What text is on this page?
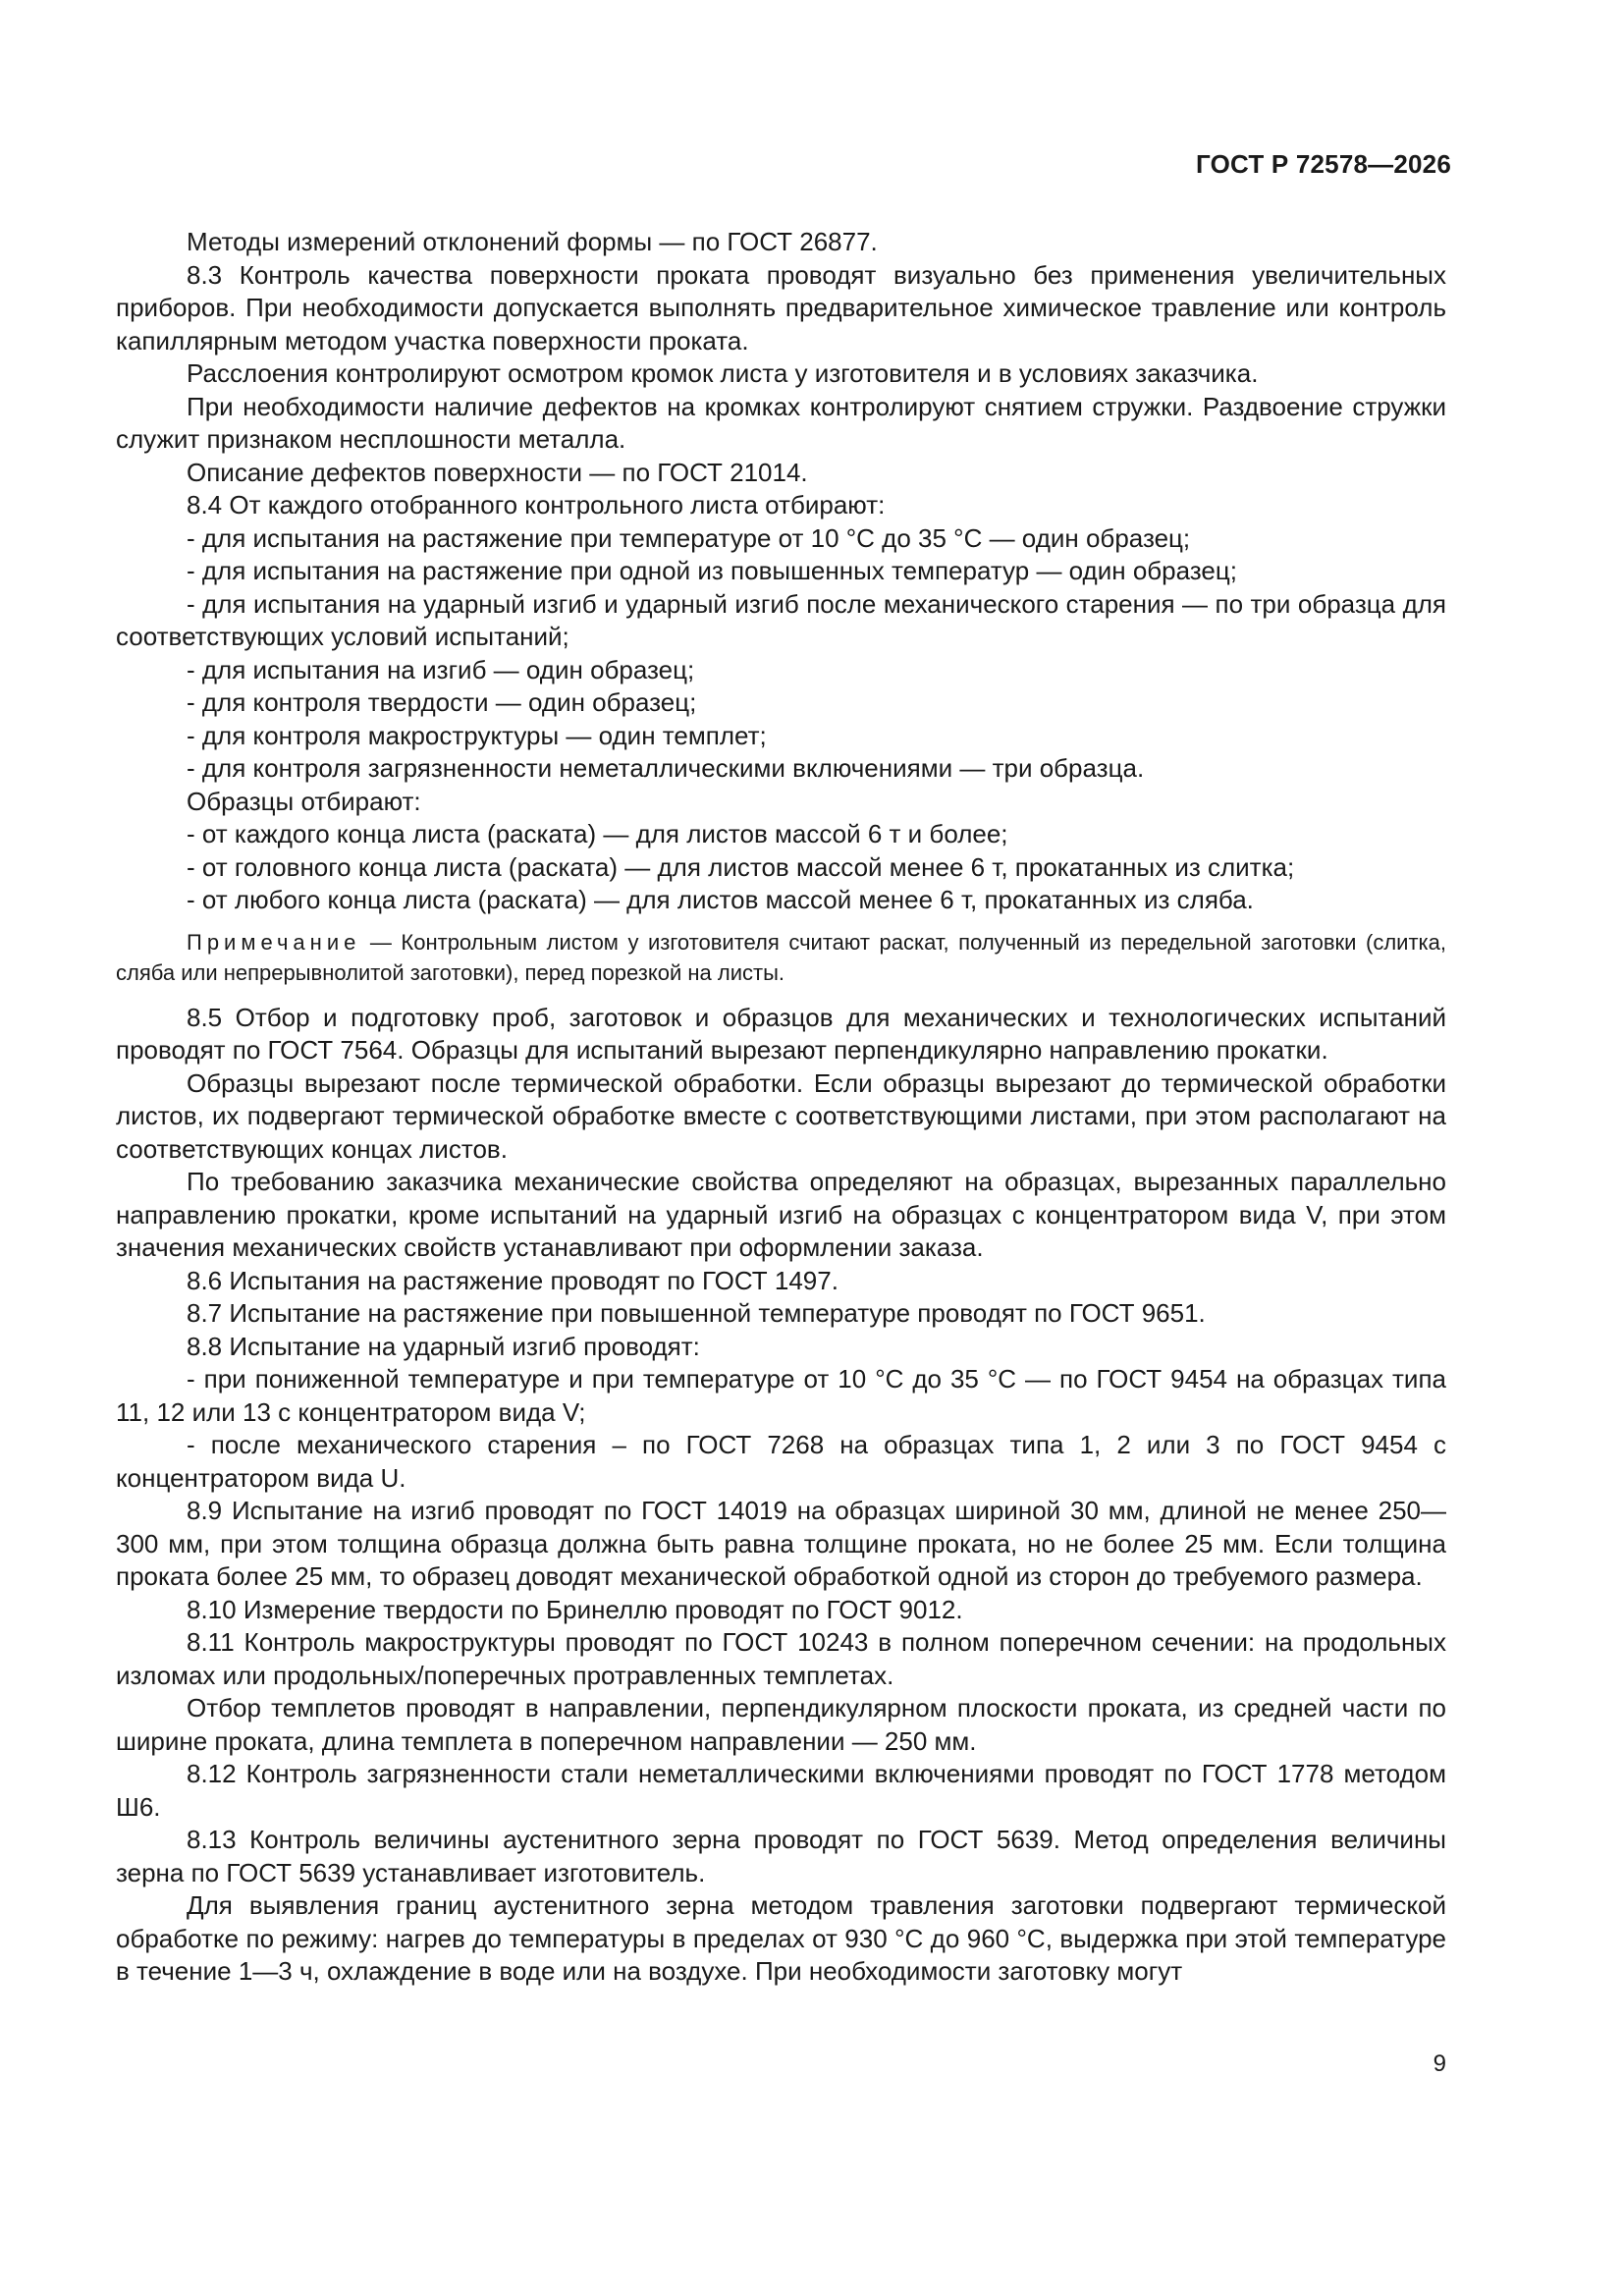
ГОСТ Р 72578—2026

Методы измерений отклонений формы — по ГОСТ 26877.

8.3 Контроль качества поверхности проката проводят визуально без применения увеличительных приборов. При необходимости допускается выполнять предварительное химическое травление или контроль капиллярным методом участка поверхности проката.

Расслоения контролируют осмотром кромок листа у изготовителя и в условиях заказчика.

При необходимости наличие дефектов на кромках контролируют снятием стружки. Раздвоение стружки служит признаком несплошности металла.

Описание дефектов поверхности — по ГОСТ 21014.

8.4 От каждого отобранного контрольного листа отбирают:

- для испытания на растяжение при температуре от 10 °С до 35 °С — один образец;

- для испытания на растяжение при одной из повышенных температур — один образец;

- для испытания на ударный изгиб и ударный изгиб после механического старения — по три образца для соответствующих условий испытаний;

- для испытания на изгиб — один образец;

- для контроля твердости — один образец;

- для контроля макроструктуры — один темплет;

- для контроля загрязненности неметаллическими включениями — три образца.

Образцы отбирают:

- от каждого конца листа (раската) — для листов массой 6 т и более;

- от головного конца листа (раската) — для листов массой менее 6 т, прокатанных из слитка;

- от любого конца листа (раската) — для листов массой менее 6 т, прокатанных из сляба.

Примечание — Контрольным листом у изготовителя считают раскат, полученный из передельной заготовки (слитка, сляба или непрерывнолитой заготовки), перед порезкой на листы.

8.5 Отбор и подготовку проб, заготовок и образцов для механических и технологических испытаний проводят по ГОСТ 7564. Образцы для испытаний вырезают перпендикулярно направлению прокатки.

Образцы вырезают после термической обработки. Если образцы вырезают до термической обработки листов, их подвергают термической обработке вместе с соответствующими листами, при этом располагают на соответствующих концах листов.

По требованию заказчика механические свойства определяют на образцах, вырезанных параллельно направлению прокатки, кроме испытаний на ударный изгиб на образцах с концентратором вида V, при этом значения механических свойств устанавливают при оформлении заказа.

8.6 Испытания на растяжение проводят по ГОСТ 1497.

8.7 Испытание на растяжение при повышенной температуре проводят по ГОСТ 9651.

8.8 Испытание на ударный изгиб проводят:

- при пониженной температуре и при температуре от 10 °С до 35 °С — по ГОСТ 9454 на образцах типа 11, 12 или 13 с концентратором вида V;

- после механического старения – по ГОСТ 7268 на образцах типа 1, 2 или 3 по ГОСТ 9454 с концентратором вида U.

8.9 Испытание на изгиб проводят по ГОСТ 14019 на образцах шириной 30 мм, длиной не менее 250—300 мм, при этом толщина образца должна быть равна толщине проката, но не более 25 мм. Если толщина проката более 25 мм, то образец доводят механической обработкой одной из сторон до требуемого размера.

8.10 Измерение твердости по Бринеллю проводят по ГОСТ 9012.

8.11 Контроль макроструктуры проводят по ГОСТ 10243 в полном поперечном сечении: на продольных изломах или продольных/поперечных протравленных темплетах.

Отбор темплетов проводят в направлении, перпендикулярном плоскости проката, из средней части по ширине проката, длина темплета в поперечном направлении — 250 мм.

8.12 Контроль загрязненности стали неметаллическими включениями проводят по ГОСТ 1778 методом Ш6.

8.13 Контроль величины аустенитного зерна проводят по ГОСТ 5639. Метод определения величины зерна по ГОСТ 5639 устанавливает изготовитель.

Для выявления границ аустенитного зерна методом травления заготовки подвергают термической обработке по режиму: нагрев до температуры в пределах от 930 °С до 960 °С, выдержка при этой температуре в течение 1—3 ч, охлаждение в воде или на воздухе. При необходимости заготовку могут

9
